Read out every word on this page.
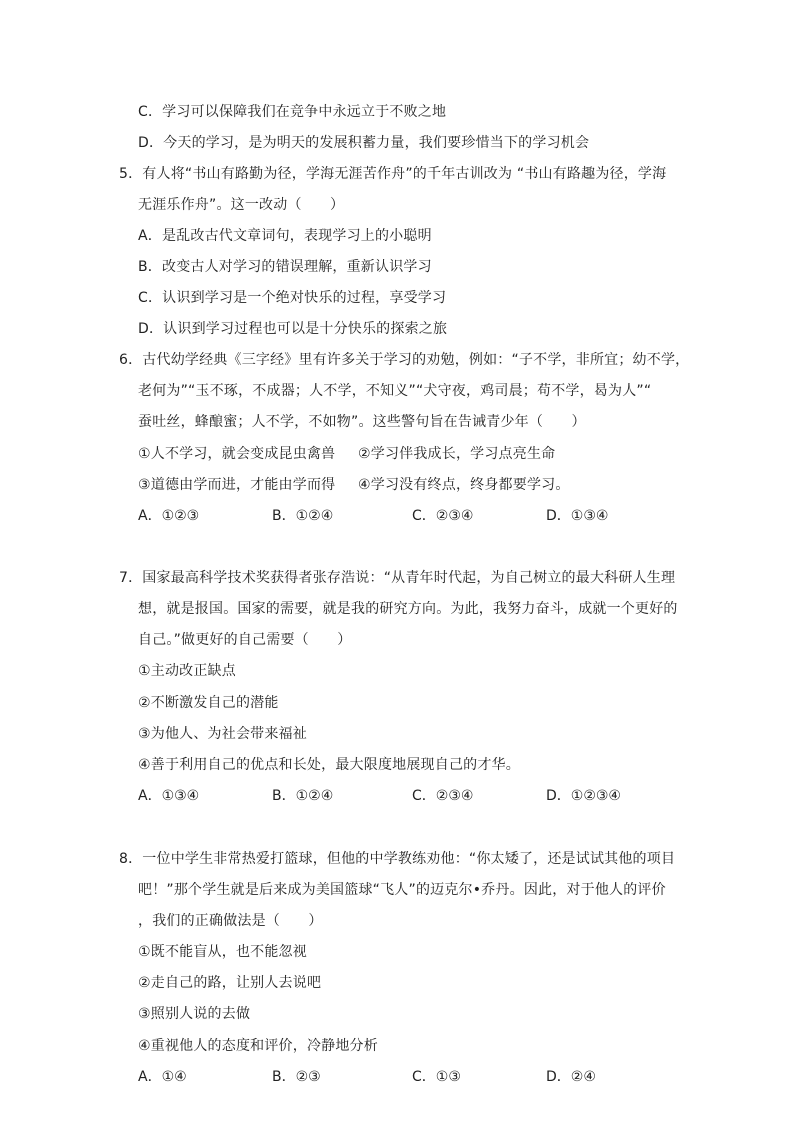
C．学习可以保障我们在竞争中永远立于不败之地
D．今天的学习，是为明天的发展积蓄力量，我们要珍惜当下的学习机会
5．有人将“书山有路勤为径，学海无涯苦作舟”的千年古训改为 “书山有路趣为径，学海
无涯乐作舟”。这一改动（　　）
A．是乱改古代文章词句，表现学习上的小聪明
B．改变古人对学习的错误理解，重新认识学习
C．认识到学习是一个绝对快乐的过程，享受学习
D．认识到学习过程也可以是十分快乐的探索之旅
6．古代幼学经典《三字经》里有许多关于学习的劝勉，例如：“子不学，非所宜；幼不学，
老何为”“玉不琢，不成器；人不学，不知义”“犬守夜，鸡司晨；苟不学，曷为人”“
蚕吐丝，蜂酿蜜；人不学，不如物”。这些警句旨在告诫青少年（　　）
①人不学习，就会变成昆虫禽兽 ②学习伴我成长，学习点亮生命
③道德由学而进，才能由学而得 ④学习没有终点，终身都要学习。
A．①②③	B．①②④	C．②③④	D．①③④
7．国家最高科学技术奖获得者张存浩说：“从青年时代起，为自己树立的最大科研人生理
想，就是报国。国家的需要，就是我的研究方向。为此，我努力奋斗，成就一个更好的
自己。”做更好的自己需要（　　）
①主动改正缺点
②不断激发自己的潜能
③为他人、为社会带来福祉
④善于利用自己的优点和长处，最大限度地展现自己的才华。
A．①③④	B．①②④	C．②③④	D．①②③④
8．一位中学生非常热爱打篮球，但他的中学教练劝他：“你太矮了，还是试试其他的项目
吧！”那个学生就是后来成为美国篮球“飞人”的迈克尔•乔丹。因此，对于他人的评价
，我们的正确做法是（　　）
①既不能盲从，也不能忽视
②走自己的路，让别人去说吧
③照别人说的去做
④重视他人的态度和评价，冷静地分析
A．①④	B．②③	C．①③	D．②④
